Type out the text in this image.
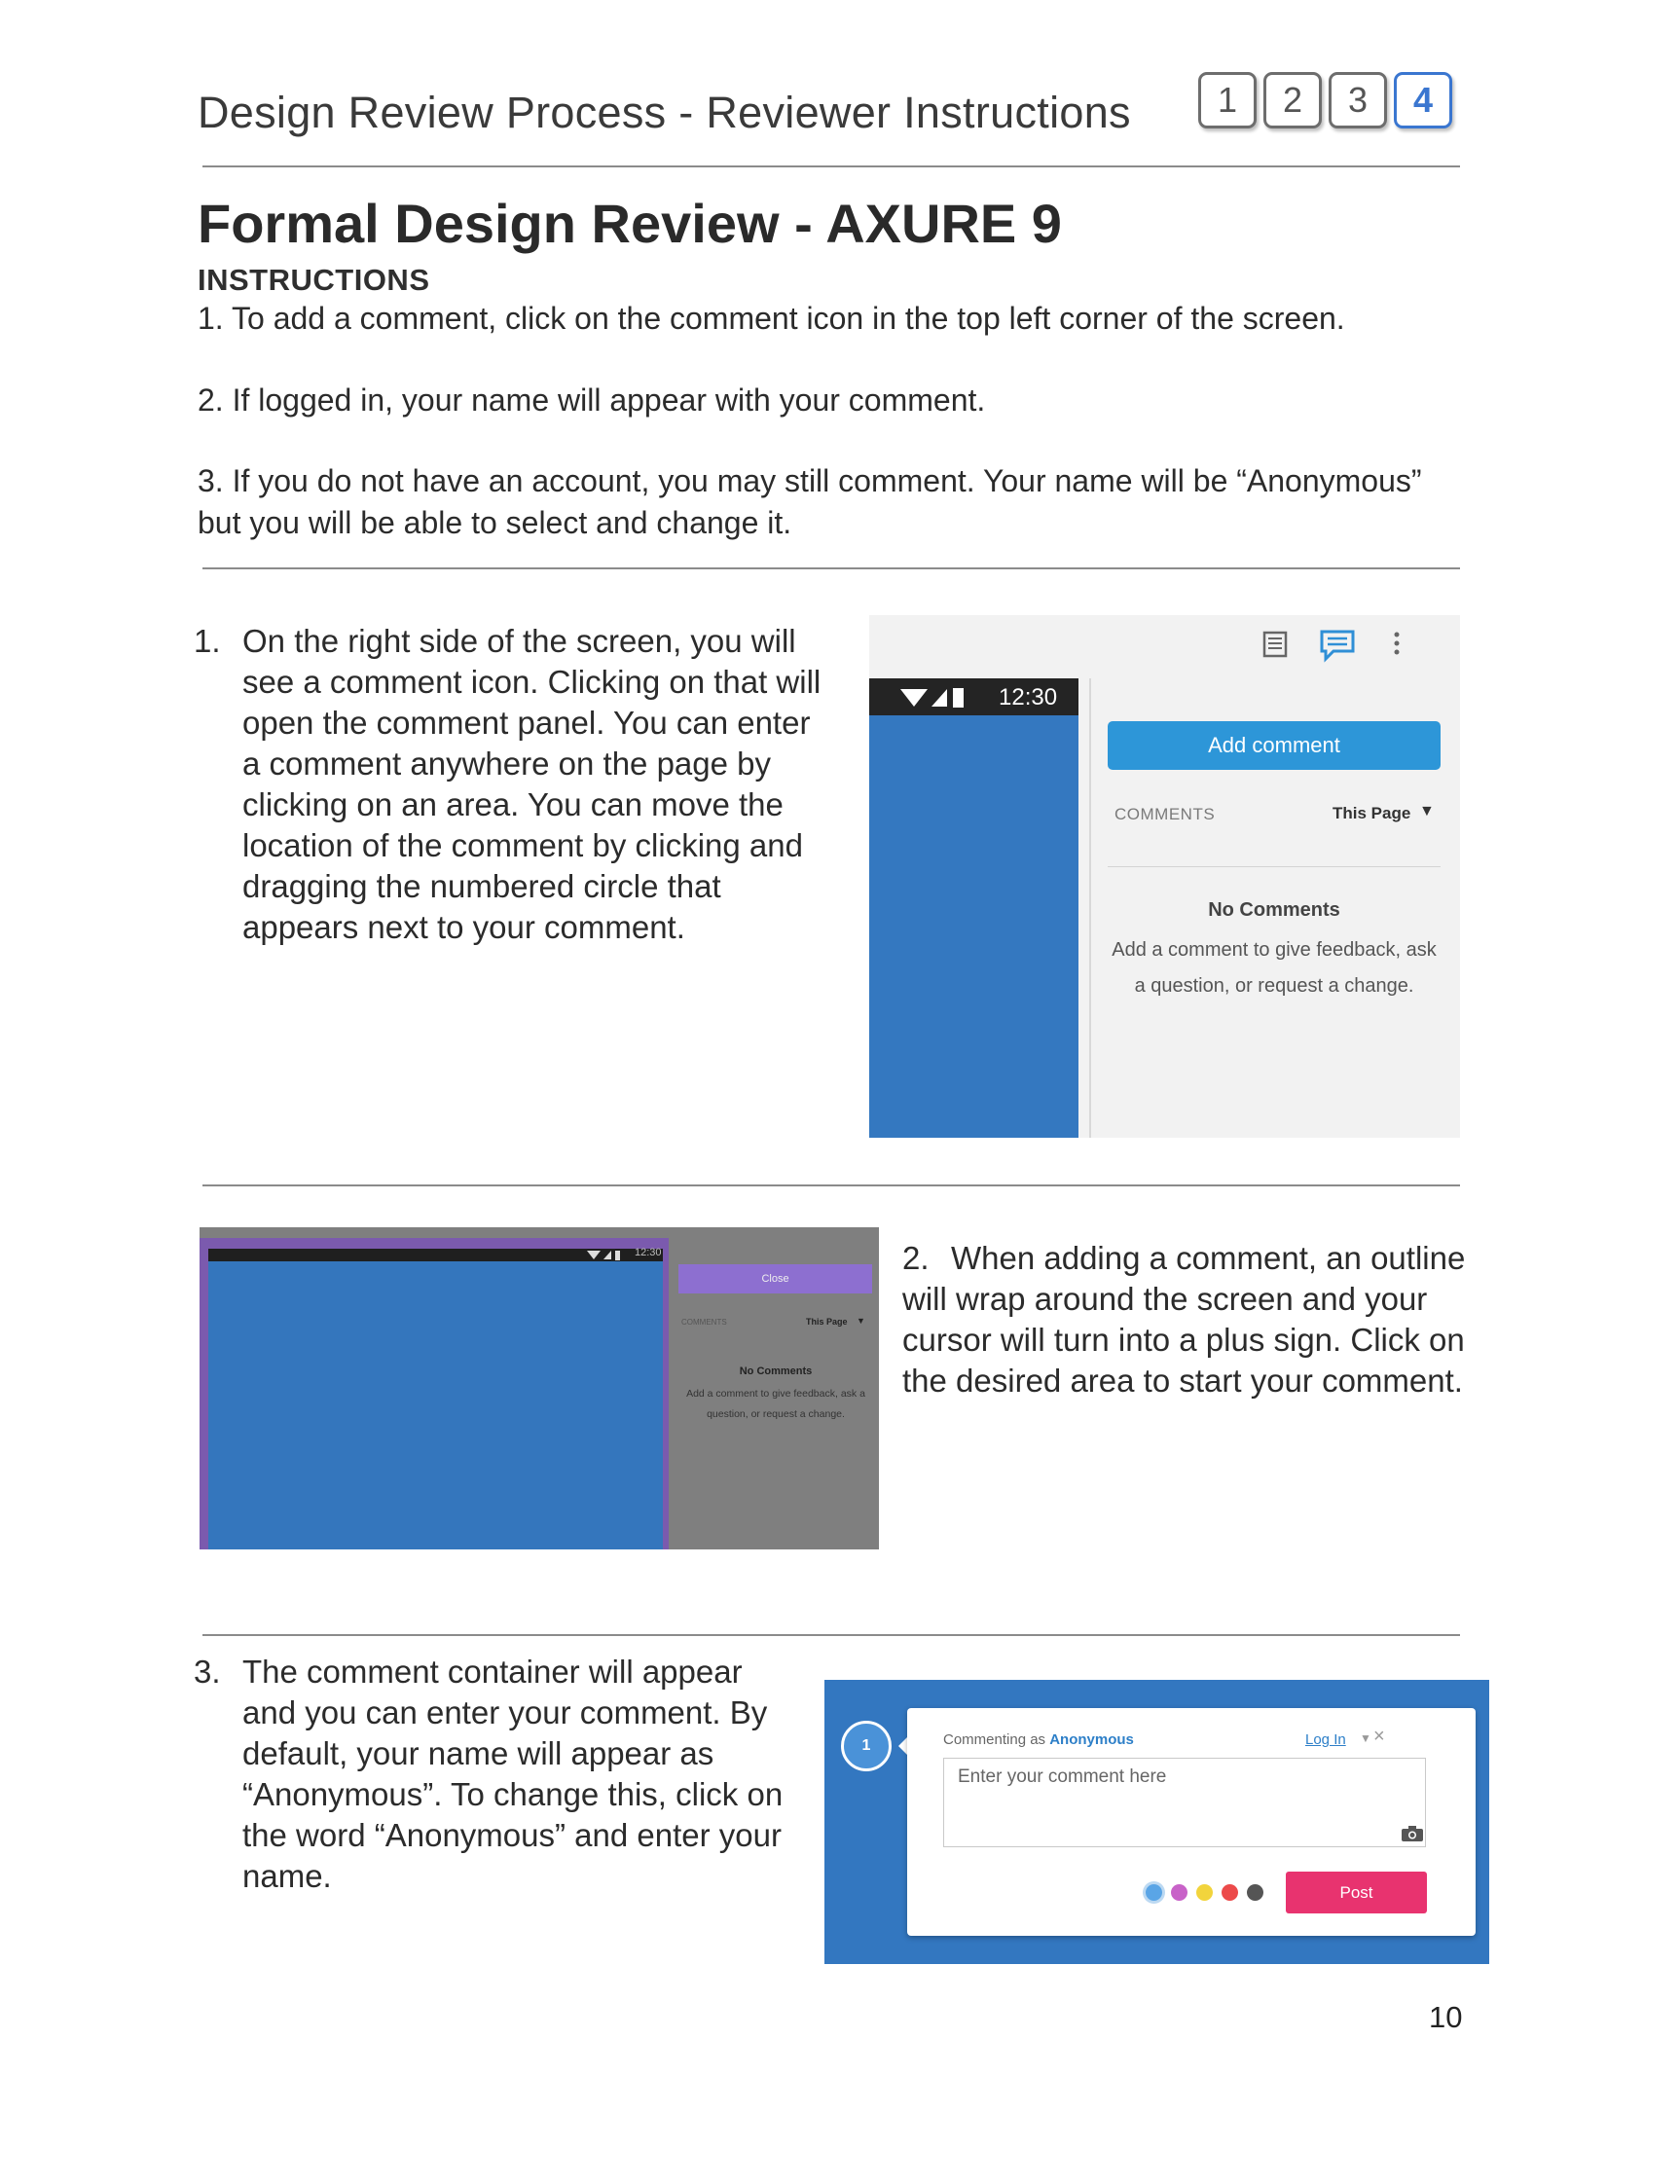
Design Review Process - Reviewer Instructions	1	2	3	4
Formal Design Review - AXURE 9
INSTRUCTIONS
1. To add a comment, click on the comment icon in the top left corner of the screen.
2. If logged in, your name will appear with your comment.
3. If you do not have an account, you may still comment. Your name will be “Anonymous” but you will be able to select and change it.
1. On the right side of the screen, you will see a comment icon. Clicking on that will open the comment panel. You can enter a comment anywhere on the page by clicking on an area. You can move the location of the comment by clicking and dragging the numbered circle that appears next to your comment.
12:30
Add comment
COMMENTS	This Page ▼
No Comments
Add a comment to give feedback, ask a question, or request a change.
12:30
Close
COMMENTS	This Page ▼
No Comments
Add a comment to give feedback, ask a question, or request a change.
2. When adding a comment, an outline will wrap around the screen and your cursor will turn into a plus sign. Click on the desired area to start your comment.
3. The comment container will appear and you can enter your comment. By default, your name will appear as “Anonymous”. To change this, click on the word “Anonymous” and enter your name.
1	Commenting as Anonymous	Log In ▼ ×
Enter your comment here
Post
10
